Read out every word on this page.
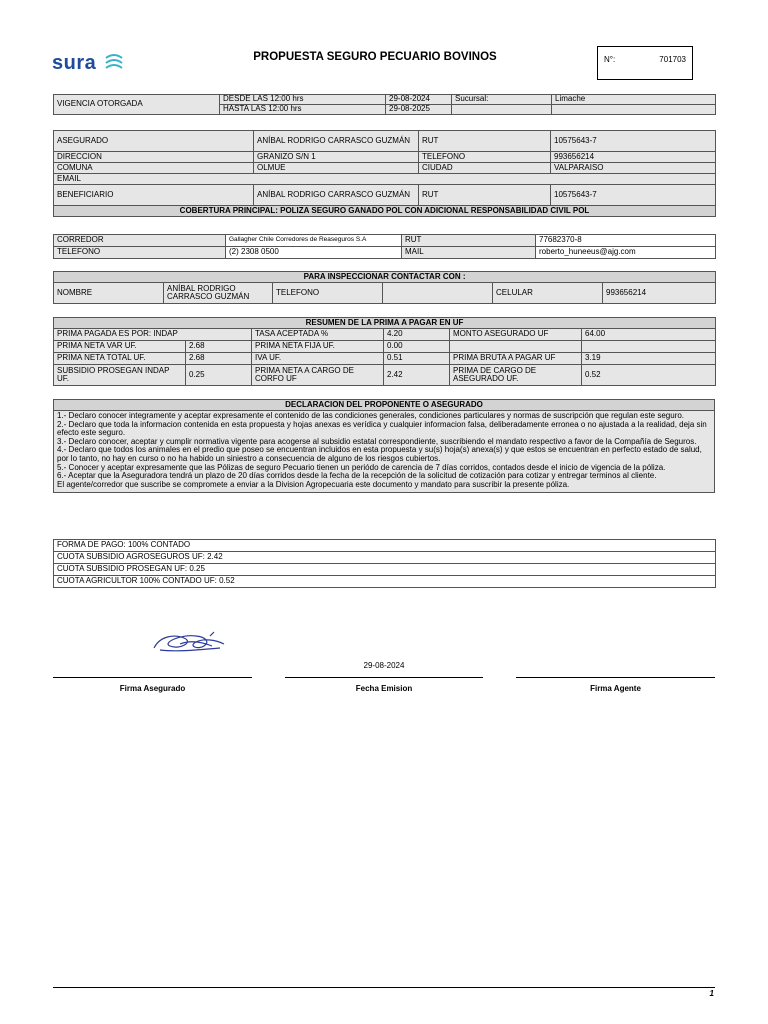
sura	PROPUESTA SEGURO PECUARIO BOVINOS	N°:	701703
VIGENCIA OTORGADA	DESDE LAS 12:00 hrs	29-08-2024	Sucursal:	Limache
	HASTA LAS 12:00 hrs	29-08-2025		
ASEGURADO	ANÍBAL RODRIGO CARRASCO GUZMÁN	RUT	10575643-7
DIRECCION	GRANIZO S/N 1	TELEFONO	993656214
COMUNA	OLMUE	CIUDAD	VALPARAISO
EMAIL			
BENEFICIARIO	ANÍBAL RODRIGO CARRASCO GUZMÁN	RUT	10575643-7
COBERTURA PRINCIPAL: POLIZA SEGURO GANADO POL CON ADICIONAL RESPONSABILIDAD CIVIL POL			
CORREDOR	Gallagher Chile Corredores de Reaseguros S.A	RUT	77682370-8
TELEFONO	(2) 2308 0500	MAIL	roberto_huneeus@ajg.com
PARA INSPECCIONAR CONTACTAR CON :
NOMBRE	ANÍBAL RODRIGO CARRASCO GUZMÁN	TELEFONO		CELULAR	993656214
RESUMEN DE LA PRIMA A PAGAR EN UF					
PRIMA PAGADA ES POR: INDAP		TASA ACEPTADA %	4.20	MONTO ASEGURADO UF	64.00
PRIMA NETA VAR UF.	2.68	PRIMA NETA FIJA UF.	0.00		
PRIMA NETA TOTAL UF.	2.68	IVA UF.	0.51	PRIMA BRUTA A PAGAR UF	3.19
SUBSIDIO PROSEGAN INDAP UF.	0.25	PRIMA NETA A CARGO DE CORFO UF	2.42	PRIMA DE CARGO DE ASEGURADO UF.	0.52
DECLARACION DEL PROPONENTE O ASEGURADO

1.- Declaro conocer integramente y aceptar expresamente el contenido de las condiciones generales, condiciones particulares y normas de suscripción que regulan este seguro.

2.- Declaro que toda la informacion contenida en esta propuesta y hojas anexas es verídica y cualquier informacion falsa, deliberadamente erronea o no ajustada a la realidad, deja sin efecto este seguro.

3.- Declaro conocer, aceptar y cumplir normativa vigente para acogerse al subsidio estatal correspondiente, suscribiendo el mandato respectivo a favor de la Compañía de Seguros.

4.- Declaro que todos los animales en el predio que poseo se encuentran incluidos en esta propuesta y su(s) hoja(s) anexa(s) y que estos se encuentran en perfecto estado de salud, por lo tanto, no hay en curso o no ha habido un siniestro a consecuencia de alguno de los riesgos cubiertos.

5.- Conocer y aceptar expresamente que las Pólizas de seguro Pecuario tienen un periódo de carencia de 7 días corridos, contados desde el inicio de vigencia de la póliza.

6.- Aceptar que la Aseguradora tendrá un plazo de 20 días corridos desde la fecha de la recepción de la solicitud de cotización para cotizar y entregar terminos al cliente.

El agente/corredor que suscribe se compromete a enviar a la Division Agropecuaria este documento y mandato para suscribir la presente póliza.

FORMA DE PAGO: 100% CONTADO
CUOTA SUBSIDIO AGROSEGUROS UF: 2.42
CUOTA SUBSIDIO PROSEGAN UF: 0.25
CUOTA AGRICULTOR 100% CONTADO UF: 0.52
29-08-2024
Firma Asegurado	Fecha Emision	Firma Agente
1
